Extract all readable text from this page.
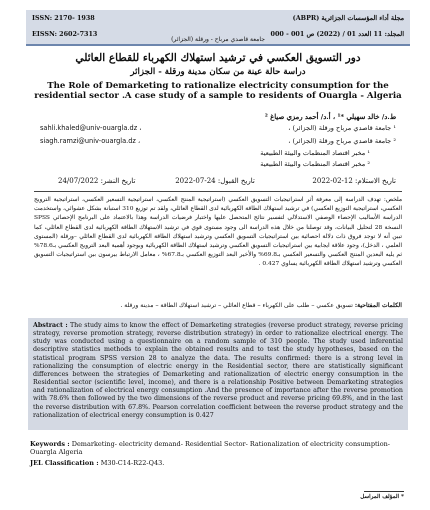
ISSN: 2170- 1938
EISSN: 2602-7313
مجلة أداء المؤسسات الجزائرية (ABPR)
المجلد: 11 العدد 01 / (2022) ص 001 - 000
جامعة قاصدي مرباح - ورقلة (الجزائر)
دور التسويق العكسي في ترشيد استهلاك الكهرباء للقطاع العائلي
دراسة حالة عينة من سكان مدينة ورقلة - الجزائر
The Role of Demarketing to rationalize electricity consumption for the residential sector .A case study of a sample to residents of Ouargla - Algeria
ط.د/ خالد سهيلي *¹ ، أ.د/ أحمد رمزي صياغ ²
¹ جامعة قاصدي مرباح ورقلة (الجزائر) ،
sahli.khaled@univ-ouargla.dz ،
² جامعة قاصدي مرباح ورقلة (الجزائر) ،
siagh.ramzi@univ-ouargla.dz ،
¹ مخبر اقتصاد المنظمات والبيئة الطبيعية
² مخبر اقتصاد المنظمات والبيئة الطبيعية
تاريخ الاستلام: 12-02-2022
تاريخ القبول: 24-07-2022
تاريخ النشر: 24/07/2022
ملخص: تهدف الدراسة إلى معرفة أثر استراتيجيات التسويق العكسي (استراتيجية المنتج العكسي، استراتيجية التسعير العكسي، استراتيجية الترويج العكسي، استراتيجية التوزيع العكسي) في ترشيد استهلاك الطاقة الكهربائية لدى القطاع العائلي، ولقد تم توزيع 310 استبانة بشكل عشوائي، واستخدمت الدراسة الأساليب الإحصاء الوصفي الاستدلالي لتفسير نتائج المتحصل عليها واختبار فرضيات الدراسة وهذا بالاعتماد على البرنامج الإحصائي SPSS النسخة 28 لتحليل البيانات، وقد توصلنا من خلال هذه الدراسة الى وجود مستوى قوي في ترشيد الاستهلاك الطاقة الكهربائية لدى القطاع العائلي، كما تبين أنه لا توجد فروق ذات دلالة احصائية بين استراتيجيات التسويق العكسي وترشيد استهلاك الطاقة الكهربائية لدى القطاع العائلي –ورقلة (المستوى العلمي ، الدخل)، وجود علاقة ايجابية بين استراتيجيات التسويق العكسي وترشيد استهلاك الطاقة الكهربائية وبوجود أهمية البعد الترويج العكسي بـ78.6% ثم يليه البعدين المنتج العكسي والتسعير العكسي بـ69.8% والأخير البعد التوزيع العكسي بـ67.8% ، معامل الارتباط بيرسون بين استراتيجيات التسويق العكسي وترشيد استهلاك الطاقة الكهربائية يساوي 0.427 .
الكلمات المفتاحية: تسويق عكسي – طلب على الكهرباء – قطاع العائلي – ترشيد استهلاك الطاقة – مدينة ورقلة .
Abstract : The study aims to know the effect of Demarketing strategies (reverse product strategy, reverse pricing strategy, reverse promotion strategy, reverse distribution strategy) in order to rationalize electrical energy. The study was conducted using a questionnaire on a random sample of 310 people. The study used inferential descriptive statistics methods to explain the obtained results and to test the study hypotheses, based on the statistical program SPSS version 28 to analyze the data. The results confirmed: there is a strong level in rationalizing the consumption of electric energy in the Residential sector, there are statistically significant differences between the strategies of Demarketing and rationalization of electric energy consumption in the Residential sector (scientific level, income), and there is a relationship Positive between Demarketing strategies and rationalization of electrical energy consumption .And the presence of importance after the reverse promotion with 78.6% then followed by the two dimensions of the reverse product and reverse pricing 69.8%, and in the last the reverse distribution with 67.8%. Pearson correlation coefficient between the reverse product strategy and the rationalization of electrical energy consumption is 0.427
Keywords : Demarketing- electricity demand- Residential Sector- Rationalization of electricity consumption-Ouargla Algeria
JEL Classification : M30-C14-R22-Q43.
* المؤلف المراسل
